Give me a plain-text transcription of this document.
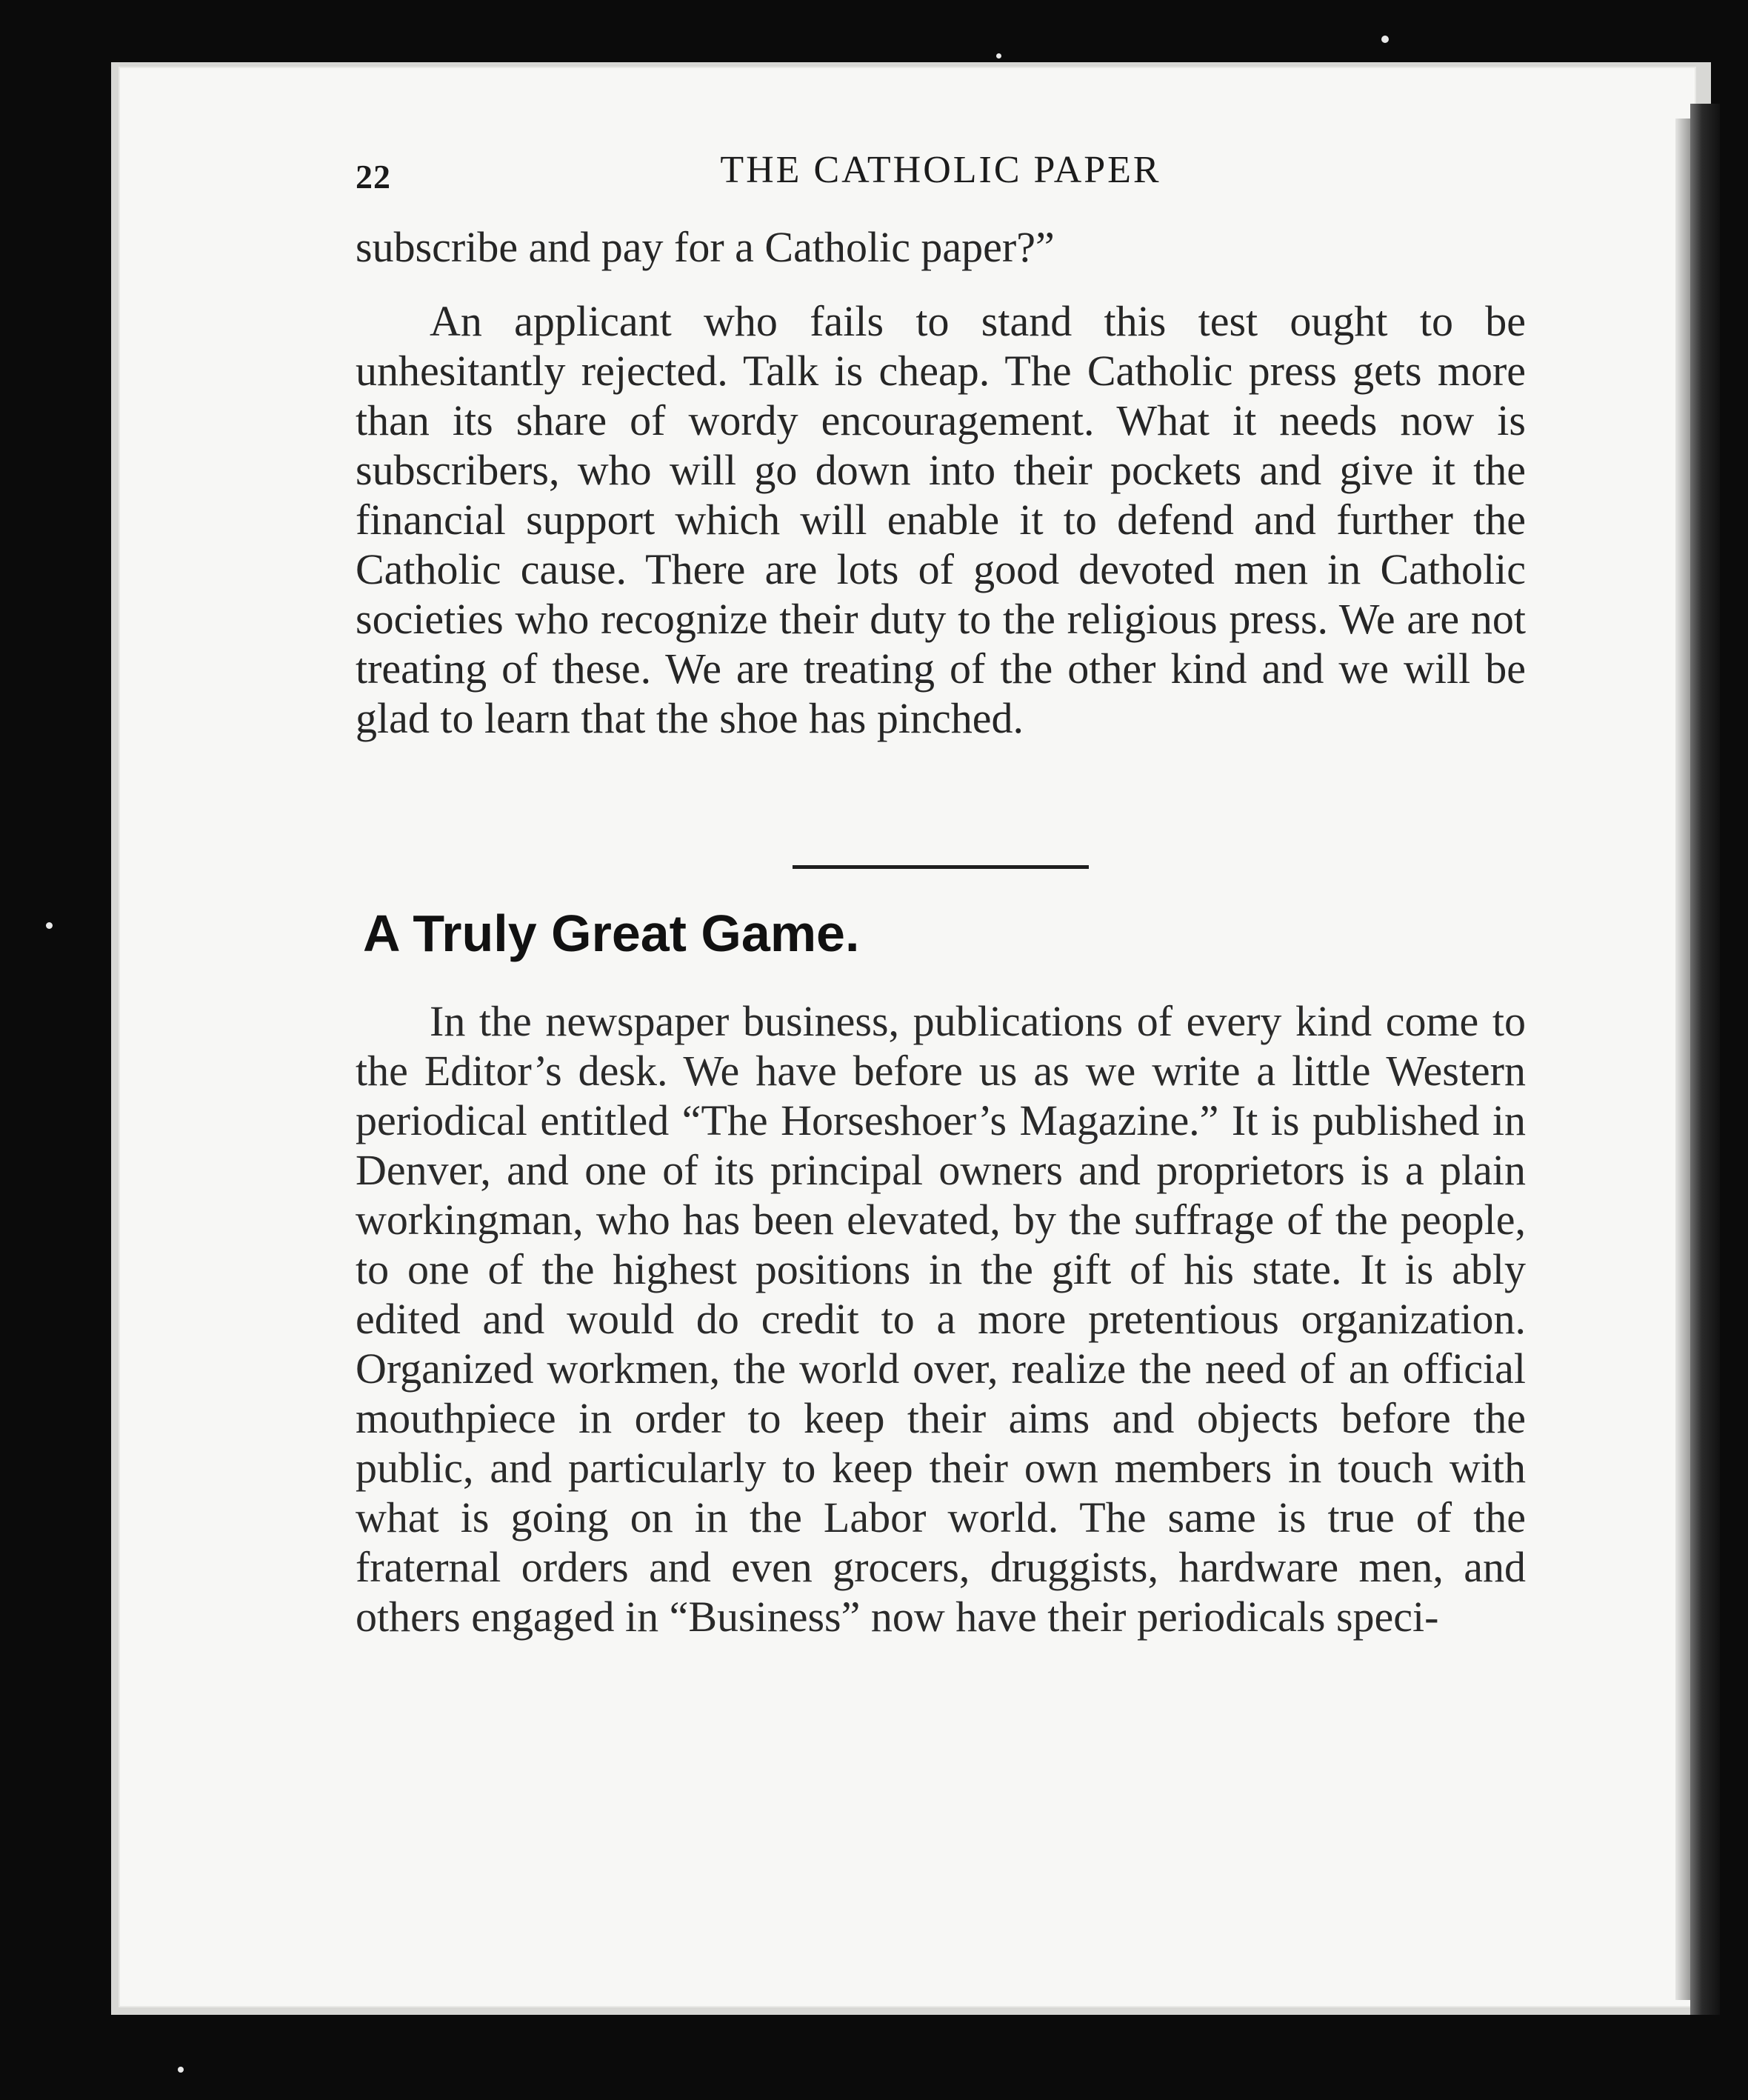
22	THE CATHOLIC PAPER

subscribe and pay for a Catholic paper?”

An applicant who fails to stand this test ought to be unhesitantly rejected. Talk is cheap. The Catholic press gets more than its share of wordy encouragement. What it needs now is subscribers, who will go down into their pockets and give it the financial support which will enable it to defend and further the Catholic cause. There are lots of good devoted men in Catholic societies who recognize their duty to the religious press. We are not treating of these. We are treating of the other kind and we will be glad to learn that the shoe has pinched.

A Truly Great Game.

In the newspaper business, publications of every kind come to the Editor’s desk. We have before us as we write a little Western periodical entitled “The Horseshoer’s Magazine.” It is published in Denver, and one of its principal owners and proprietors is a plain workingman, who has been elevated, by the suffrage of the people, to one of the highest positions in the gift of his state. It is ably edited and would do credit to a more pretentious organization. Organized workmen, the world over, realize the need of an official mouthpiece in order to keep their aims and objects before the public, and particularly to keep their own members in touch with what is going on in the Labor world. The same is true of the fraternal orders and even grocers, druggists, hardware men, and others engaged in “Business” now have their periodicals speci-
